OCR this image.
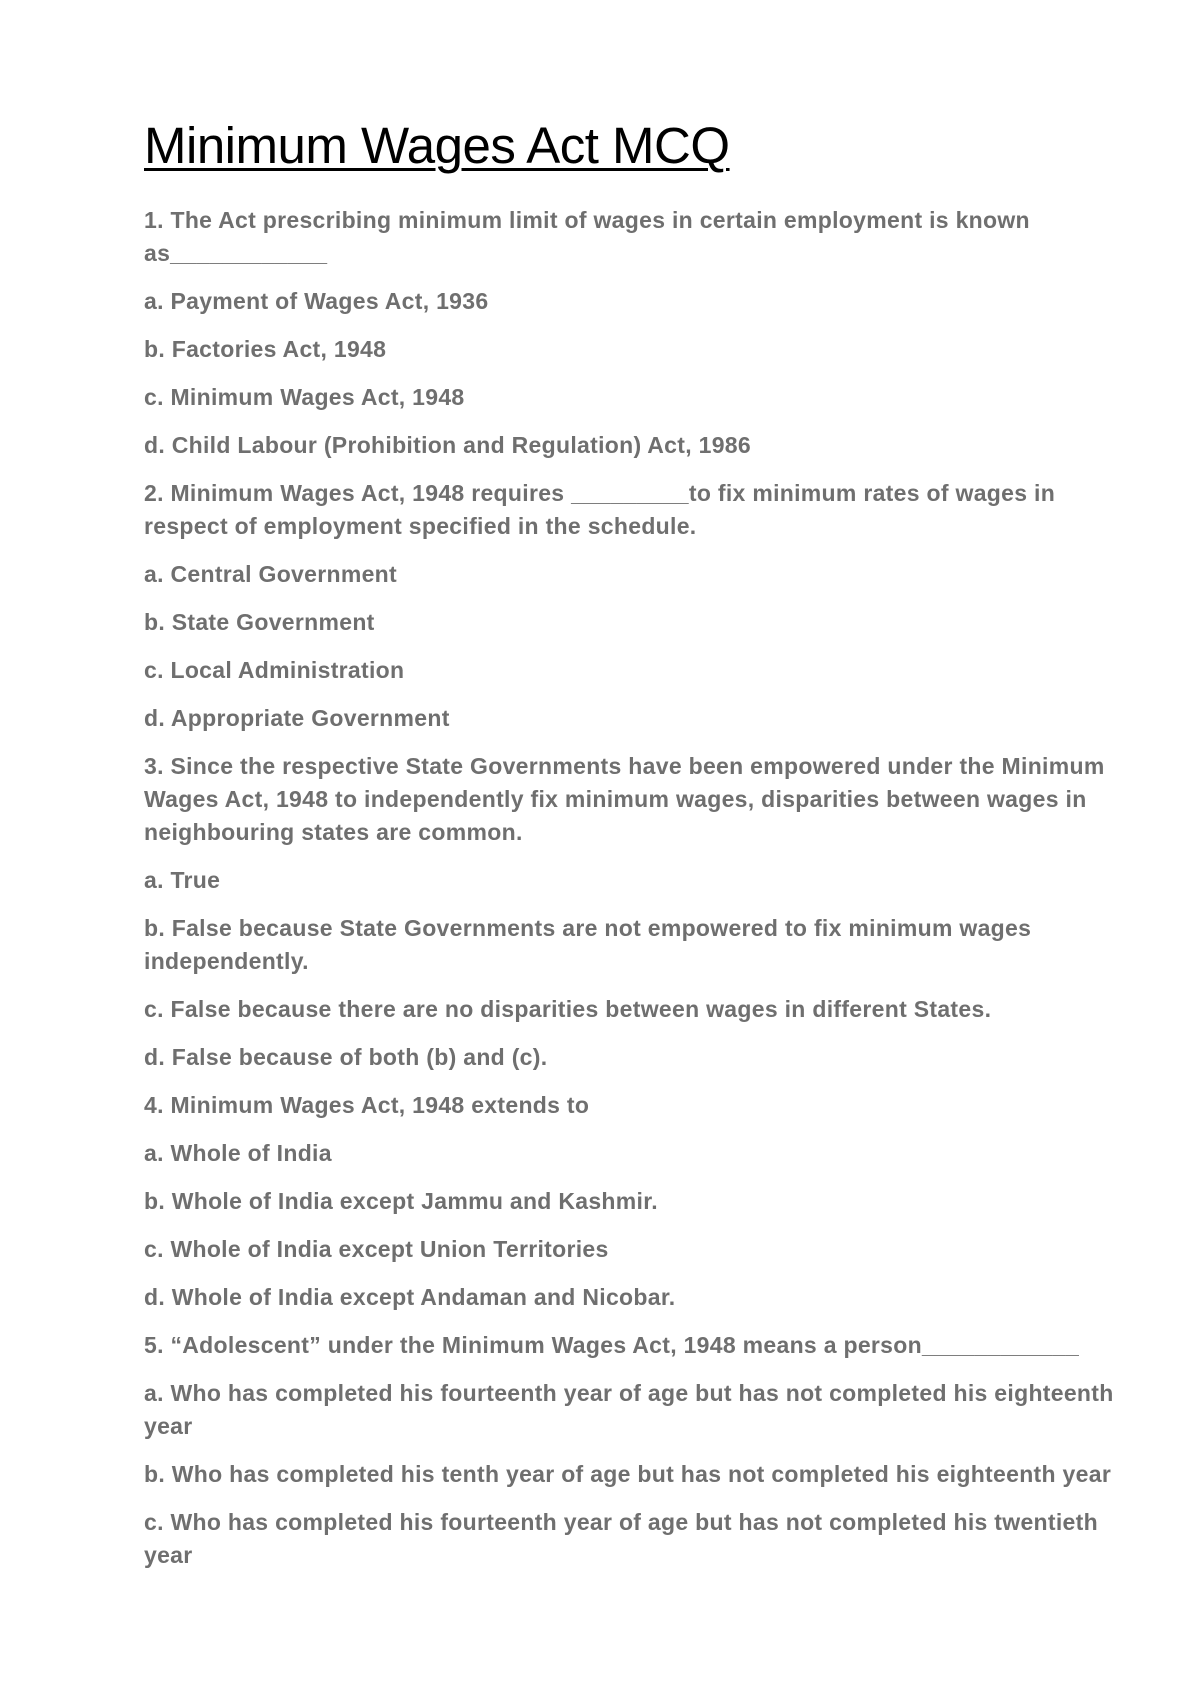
Minimum Wages Act MCQ

1. The Act prescribing minimum limit of wages in certain employment is known as____________

a. Payment of Wages Act, 1936

b. Factories Act, 1948

c. Minimum Wages Act, 1948

d. Child Labour (Prohibition and Regulation) Act, 1986

2. Minimum Wages Act, 1948 requires _________to fix minimum rates of wages in respect of employment specified in the schedule.

a. Central Government

b. State Government

c. Local Administration

d. Appropriate Government

3. Since the respective State Governments have been empowered under the Minimum Wages Act, 1948 to independently fix minimum wages, disparities between wages in neighbouring states are common.

a. True

b. False because State Governments are not empowered to fix minimum wages independently.

c. False because there are no disparities between wages in different States.

d. False because of both (b) and (c).

4. Minimum Wages Act, 1948 extends to

a. Whole of India

b. Whole of India except Jammu and Kashmir.

c. Whole of India except Union Territories

d. Whole of India except Andaman and Nicobar.

5. “Adolescent” under the Minimum Wages Act, 1948 means a person____________

a. Who has completed his fourteenth year of age but has not completed his eighteenth year

b. Who has completed his tenth year of age but has not completed his eighteenth year

c. Who has completed his fourteenth year of age but has not completed his twentieth year
